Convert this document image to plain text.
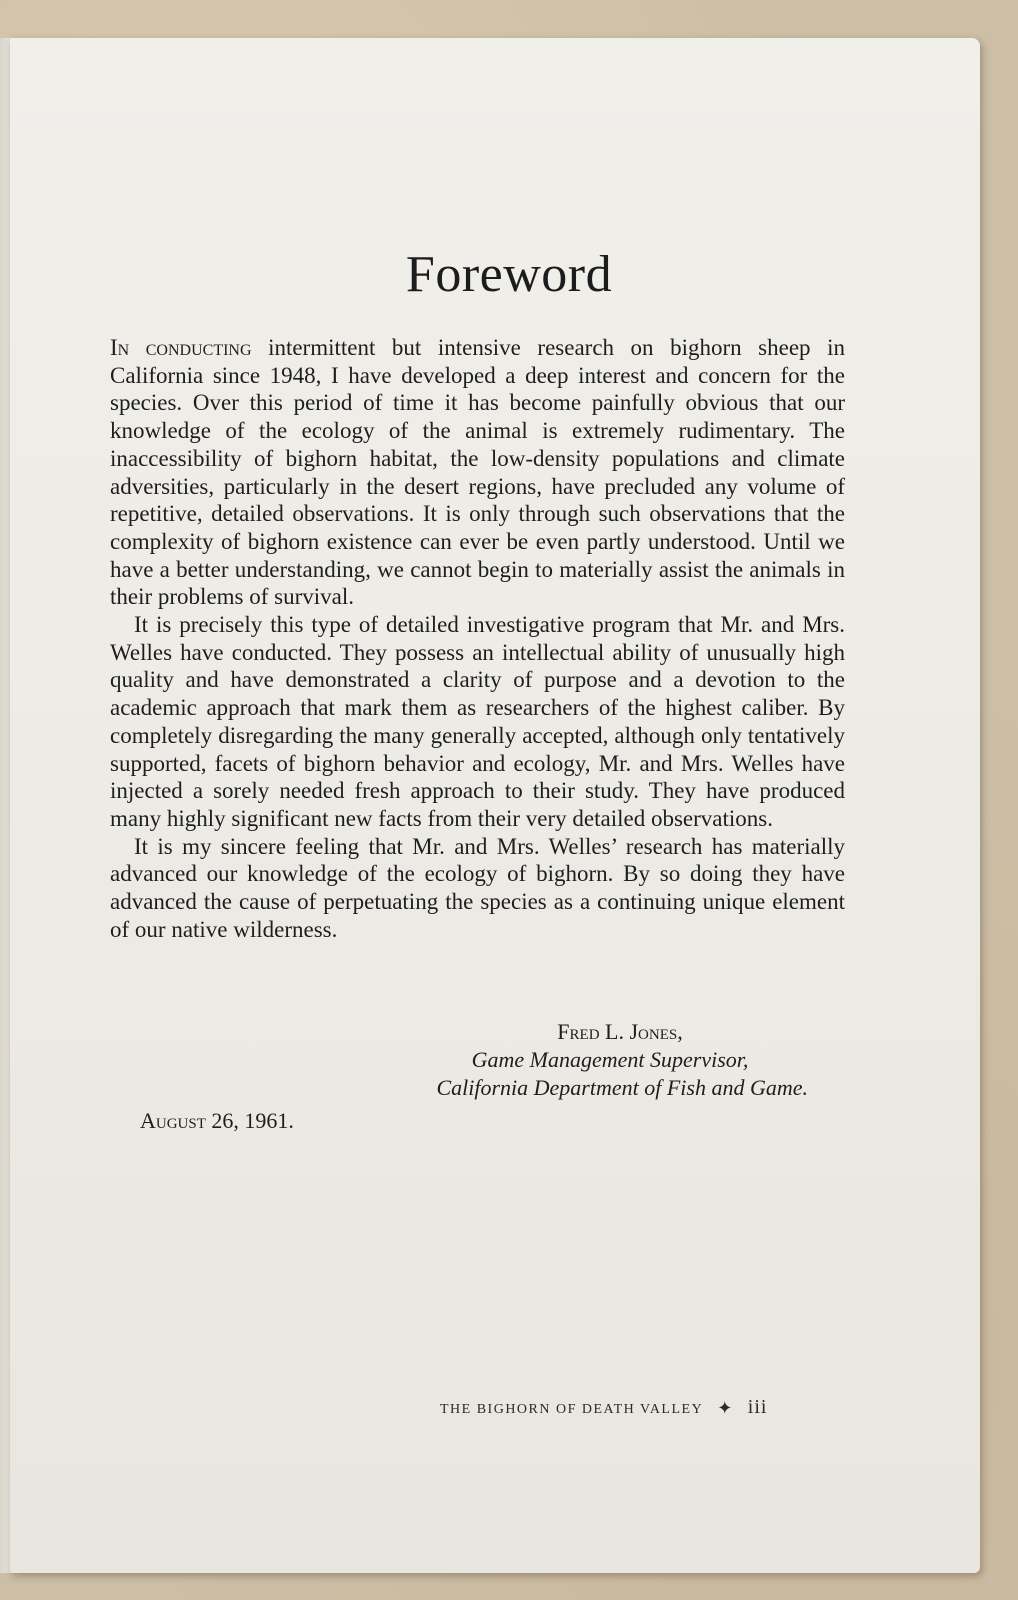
Foreword

In conducting intermittent but intensive research on bighorn sheep in California since 1948, I have developed a deep interest and concern for the species. Over this period of time it has become painfully obvious that our knowledge of the ecology of the animal is extremely rudimentary. The inaccessibility of bighorn habitat, the low-density populations and climate adversities, particularly in the desert regions, have precluded any volume of repetitive, detailed observations. It is only through such observations that the complexity of bighorn existence can ever be even partly understood. Until we have a better understanding, we cannot begin to materially assist the animals in their problems of survival.

It is precisely this type of detailed investigative program that Mr. and Mrs. Welles have conducted. They possess an intellectual ability of unusually high quality and have demonstrated a clarity of purpose and a devotion to the academic approach that mark them as researchers of the highest caliber. By completely disregarding the many generally accepted, although only tentatively supported, facets of bighorn behavior and ecology, Mr. and Mrs. Welles have injected a sorely needed fresh approach to their study. They have produced many highly significant new facts from their very detailed observations.

It is my sincere feeling that Mr. and Mrs. Welles’ research has materially advanced our knowledge of the ecology of bighorn. By so doing they have advanced the cause of perpetuating the species as a continuing unique element of our native wilderness.

Fred L. Jones,
Game Management Supervisor,
California Department of Fish and Game.
August 26, 1961.
THE BIGHORN OF DEATH VALLEY ✦ iii
